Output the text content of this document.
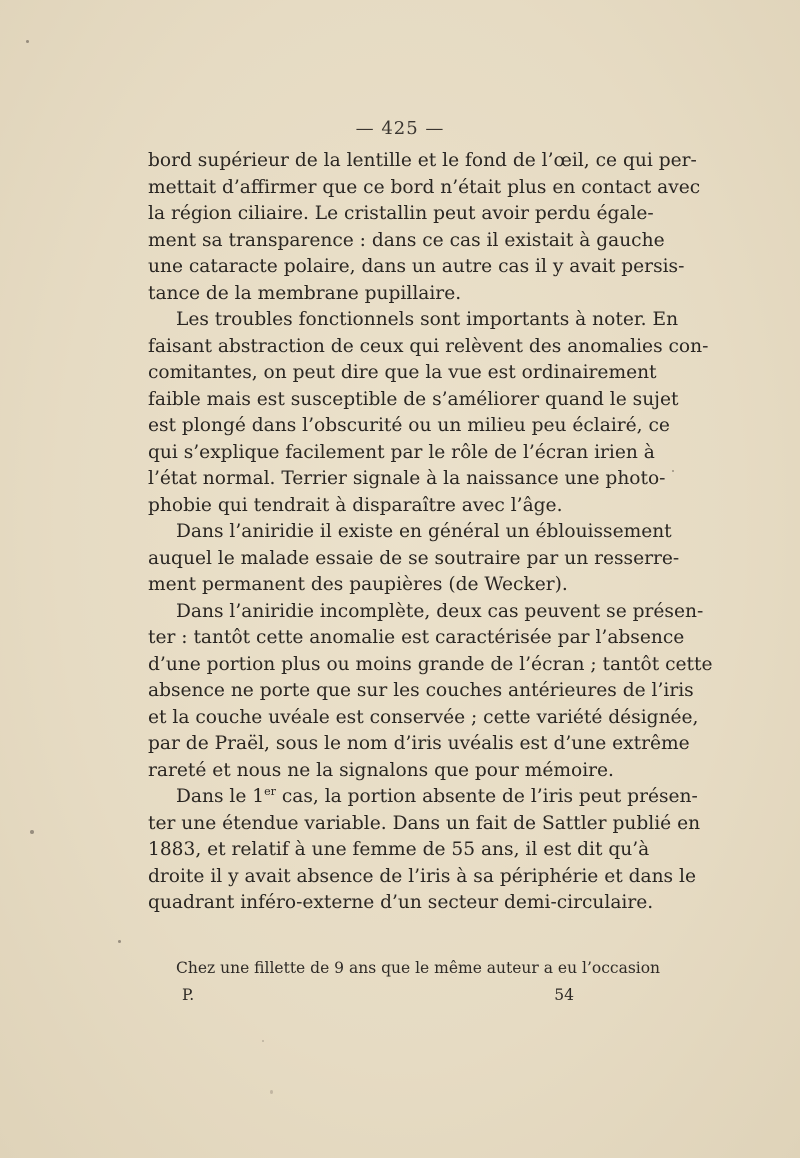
— 425 —
bord supérieur de la lentille et le fond de l’œil, ce qui per-
mettait d’affirmer que ce bord n’était plus en contact avec
la région ciliaire. Le cristallin peut avoir perdu égale-
ment sa transparence : dans ce cas il existait à gauche
une cataracte polaire, dans un autre cas il y avait persis-
tance de la membrane pupillaire.
Les troubles fonctionnels sont importants à noter. En
faisant abstraction de ceux qui relèvent des anomalies con-
comitantes, on peut dire que la vue est ordinairement
faible mais est susceptible de s’améliorer quand le sujet
est plongé dans l’obscurité ou un milieu peu éclairé, ce
qui s’explique facilement par le rôle de l’écran irien à
l’état normal. Terrier signale à la naissance une photo-
phobie qui tendrait à disparaître avec l’âge.
Dans l’aniridie il existe en général un éblouissement
auquel le malade essaie de se soutraire par un resserre-
ment permanent des paupières (de Wecker).
Dans l’aniridie incomplète, deux cas peuvent se présen-
ter : tantôt cette anomalie est caractérisée par l’absence
d’une portion plus ou moins grande de l’écran ; tantôt cette
absence ne porte que sur les couches antérieures de l’iris
et la couche uvéale est conservée ; cette variété désignée,
par de Praël, sous le nom d’iris uvéalis est d’une extrême
rareté et nous ne la signalons que pour mémoire.
Dans le 1er cas, la portion absente de l’iris peut présen-
ter une étendue variable. Dans un fait de Sattler publié en
1883, et relatif à une femme de 55 ans, il est dit qu’à
droite il y avait absence de l’iris à sa périphérie et dans le
quadrant inféro-externe d’un secteur demi-circulaire.
Chez une fillette de 9 ans que le même auteur a eu l’occasion
P.	54
